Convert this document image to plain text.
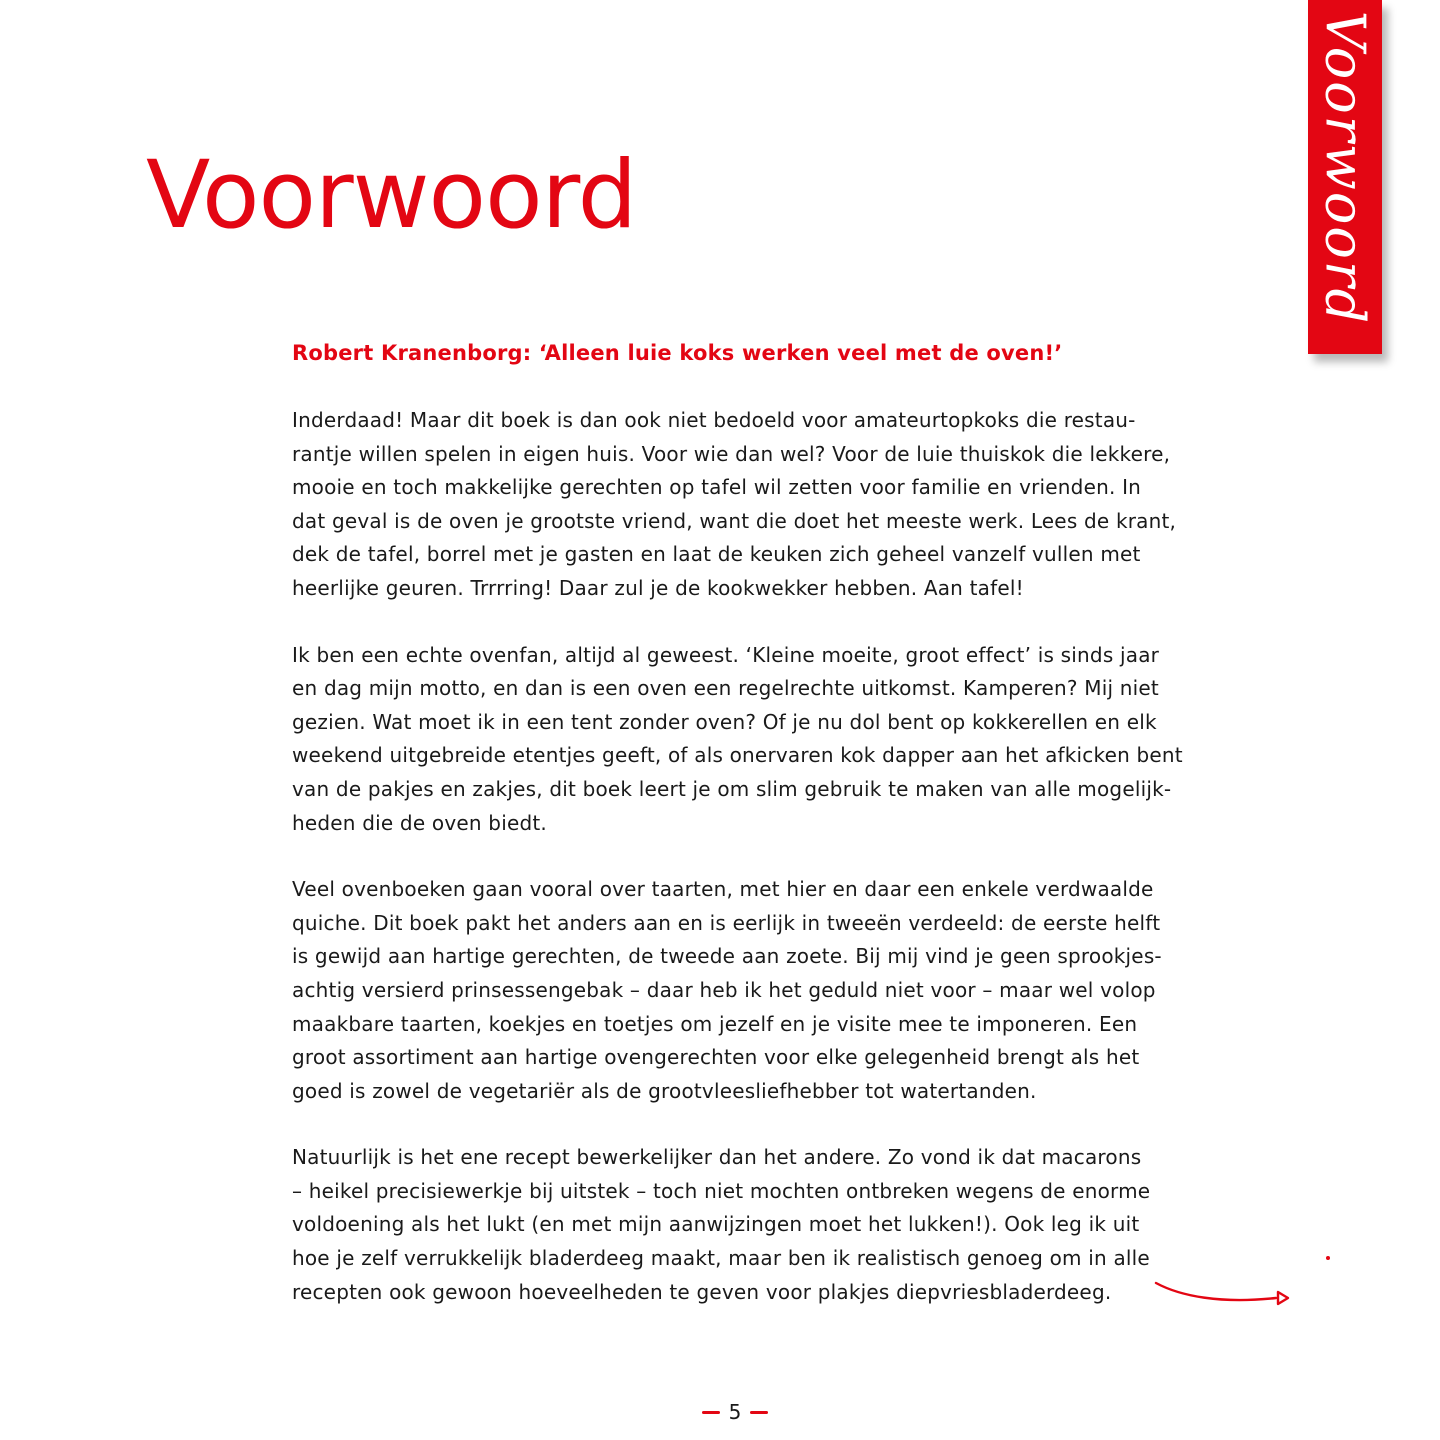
Voorwoord	Voorwoord
Robert Kranenborg: ‘Alleen luie koks werken veel met de oven!’

Inderdaad! Maar dit boek is dan ook niet bedoeld voor amateurtopkoks die restau-
rantje willen spelen in eigen huis. Voor wie dan wel? Voor de luie thuiskok die lekkere,
mooie en toch makkelijke gerechten op tafel wil zetten voor familie en vrienden. In
dat geval is de oven je grootste vriend, want die doet het meeste werk. Lees de krant,
dek de tafel, borrel met je gasten en laat de keuken zich geheel vanzelf vullen met
heerlijke geuren. Trrrring! Daar zul je de kookwekker hebben. Aan tafel!

Ik ben een echte ovenfan, altijd al geweest. ‘Kleine moeite, groot effect’ is sinds jaar
en dag mijn motto, en dan is een oven een regelrechte uitkomst. Kamperen? Mij niet
gezien. Wat moet ik in een tent zonder oven? Of je nu dol bent op kokkerellen en elk
weekend uitgebreide etentjes geeft, of als onervaren kok dapper aan het afkicken bent
van de pakjes en zakjes, dit boek leert je om slim gebruik te maken van alle mogelijk-
heden die de oven biedt.

Veel ovenboeken gaan vooral over taarten, met hier en daar een enkele verdwaalde
quiche. Dit boek pakt het anders aan en is eerlijk in tweeën verdeeld: de eerste helft
is gewijd aan hartige gerechten, de tweede aan zoete. Bij mij vind je geen sprookjes-
achtig versierd prinsessengebak – daar heb ik het geduld niet voor – maar wel volop
maakbare taarten, koekjes en toetjes om jezelf en je visite mee te imponeren. Een
groot assortiment aan hartige ovengerechten voor elke gelegenheid brengt als het
goed is zowel de vegetariër als de grootvleesliefhebber tot watertanden.

Natuurlijk is het ene recept bewerkelijker dan het andere. Zo vond ik dat macarons
– heikel precisiewerkje bij uitstek – toch niet mochten ontbreken wegens de enorme
voldoening als het lukt (en met mijn aanwijzingen moet het lukken!). Ook leg ik uit
hoe je zelf verrukkelijk bladerdeeg maakt, maar ben ik realistisch genoeg om in alle
recepten ook gewoon hoeveelheden te geven voor plakjes diepvriesbladerdeeg.

5
